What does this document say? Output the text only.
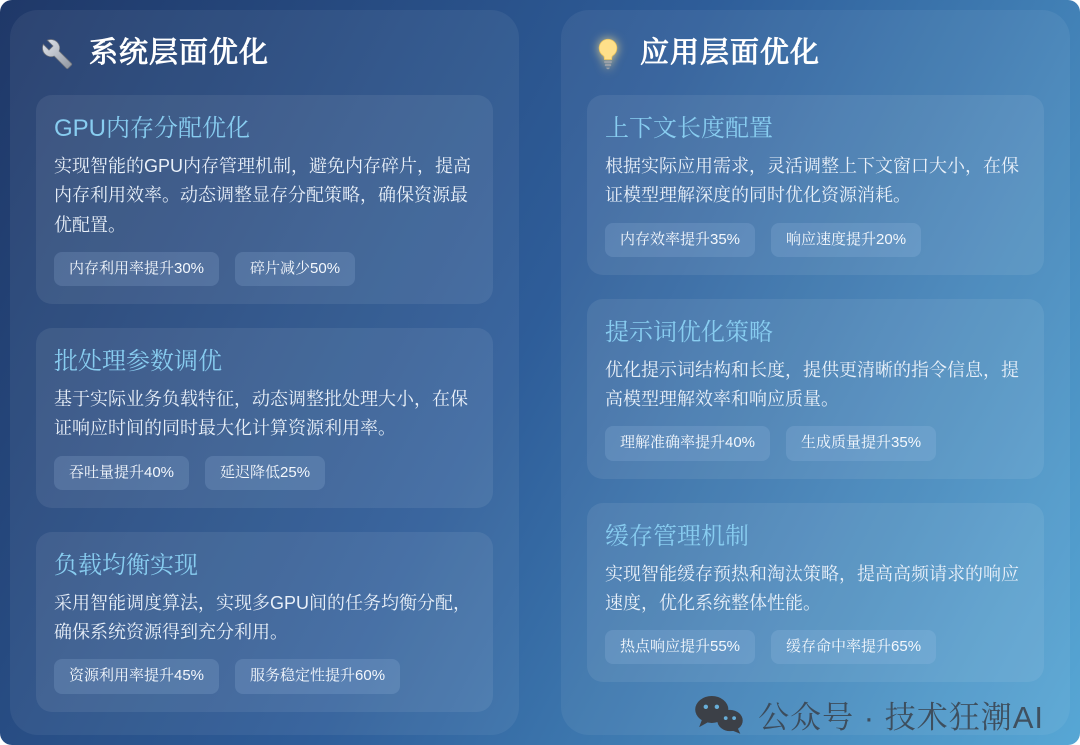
系统层面优化
GPU内存分配优化

实现智能的GPU内存管理机制，避免内存碎片，提高内存利用效率。动态调整显存分配策略，确保资源最优配置。

内存利用率提升30%	碎片减少50%
批处理参数调优

基于实际业务负载特征，动态调整批处理大小，在保证响应时间的同时最大化计算资源利用率。

吞吐量提升40%	延迟降低25%
负载均衡实现

采用智能调度算法，实现多GPU间的任务均衡分配，确保系统资源得到充分利用。

资源利用率提升45%	服务稳定性提升60%
应用层面优化
上下文长度配置

根据实际应用需求，灵活调整上下文窗口大小，在保证模型理解深度的同时优化资源消耗。

内存效率提升35%	响应速度提升20%
提示词优化策略

优化提示词结构和长度，提供更清晰的指令信息，提高模型理解效率和响应质量。

理解准确率提升40%	生成质量提升35%
缓存管理机制

实现智能缓存预热和淘汰策略，提高高频请求的响应速度，优化系统整体性能。

热点响应提升55%	缓存命中率提升65%
公众号 · 技术狂潮AI
